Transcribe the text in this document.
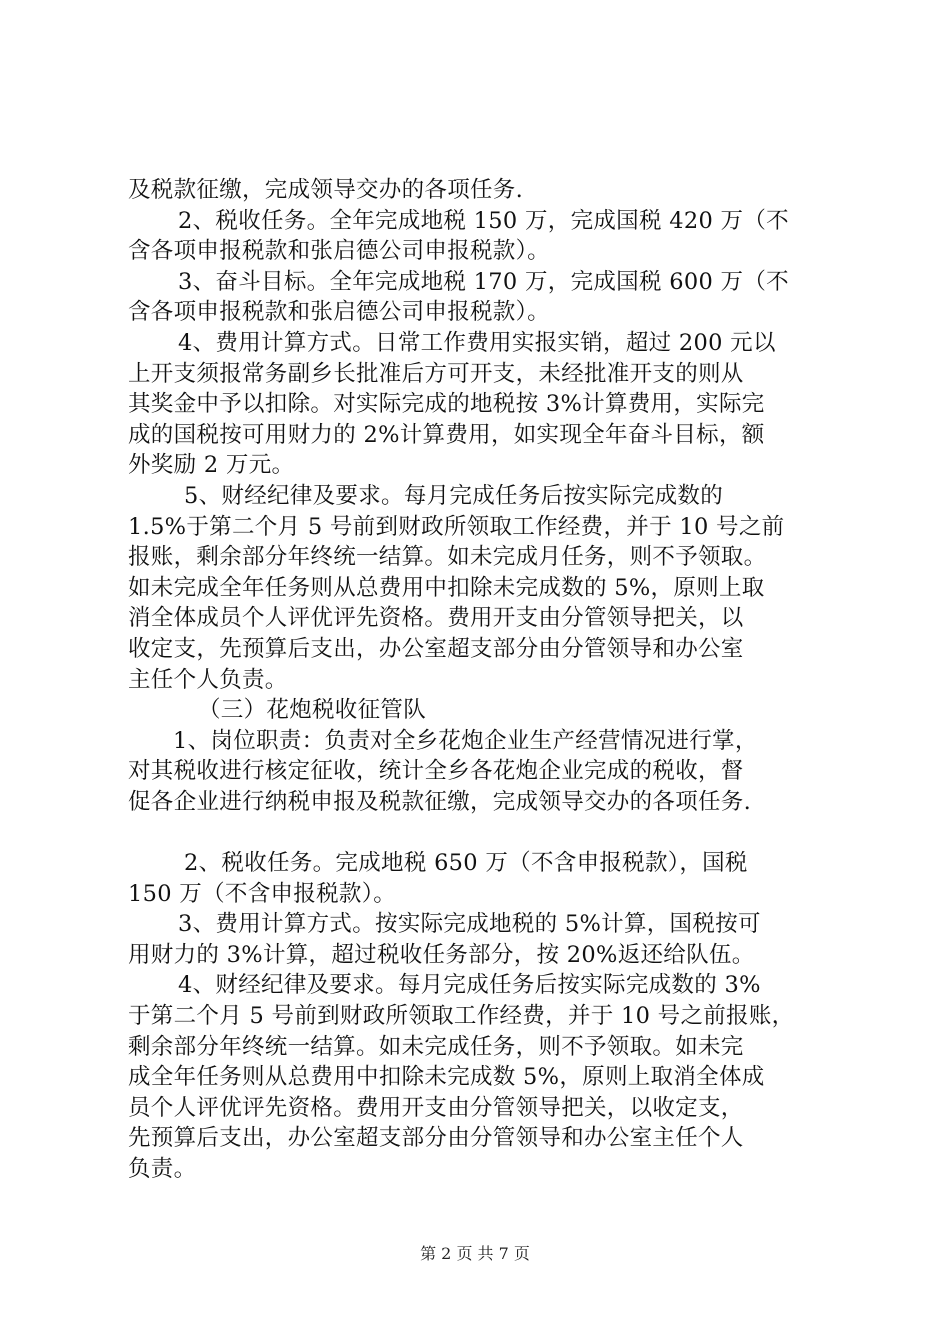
及税款征缴，完成领导交办的各项任务.
2、税收任务。全年完成地税 150 万，完成国税 420 万（不
含各项申报税款和张启德公司申报税款）。
3、奋斗目标。全年完成地税 170 万，完成国税 600 万（不
含各项申报税款和张启德公司申报税款）。
4、费用计算方式。日常工作费用实报实销，超过 200 元以
上开支须报常务副乡长批准后方可开支，未经批准开支的则从
其奖金中予以扣除。对实际完成的地税按 3%计算费用，实际完
成的国税按可用财力的 2%计算费用，如实现全年奋斗目标，额
外奖励 2 万元。
5、财经纪律及要求。每月完成任务后按实际完成数的
1.5%于第二个月 5 号前到财政所领取工作经费，并于 10 号之前
报账，剩余部分年终统一结算。如未完成月任务，则不予领取。
如未完成全年任务则从总费用中扣除未完成数的 5%，原则上取
消全体成员个人评优评先资格。费用开支由分管领导把关，以
收定支，先预算后支出，办公室超支部分由分管领导和办公室
主任个人负责。
（三）花炮税收征管队
1、岗位职责：负责对全乡花炮企业生产经营情况进行掌，
对其税收进行核定征收，统计全乡各花炮企业完成的税收，督
促各企业进行纳税申报及税款征缴，完成领导交办的各项任务.
2、税收任务。完成地税 650 万（不含申报税款），国税
150 万（不含申报税款）。
3、费用计算方式。按实际完成地税的 5%计算，国税按可
用财力的 3%计算，超过税收任务部分，按 20%返还给队伍。
4、财经纪律及要求。每月完成任务后按实际完成数的 3%
于第二个月 5 号前到财政所领取工作经费，并于 10 号之前报账，
剩余部分年终统一结算。如未完成任务，则不予领取。如未完
成全年任务则从总费用中扣除未完成数 5%，原则上取消全体成
员个人评优评先资格。费用开支由分管领导把关，以收定支，
先预算后支出，办公室超支部分由分管领导和办公室主任个人
负责。
第 2 页 共 7 页
